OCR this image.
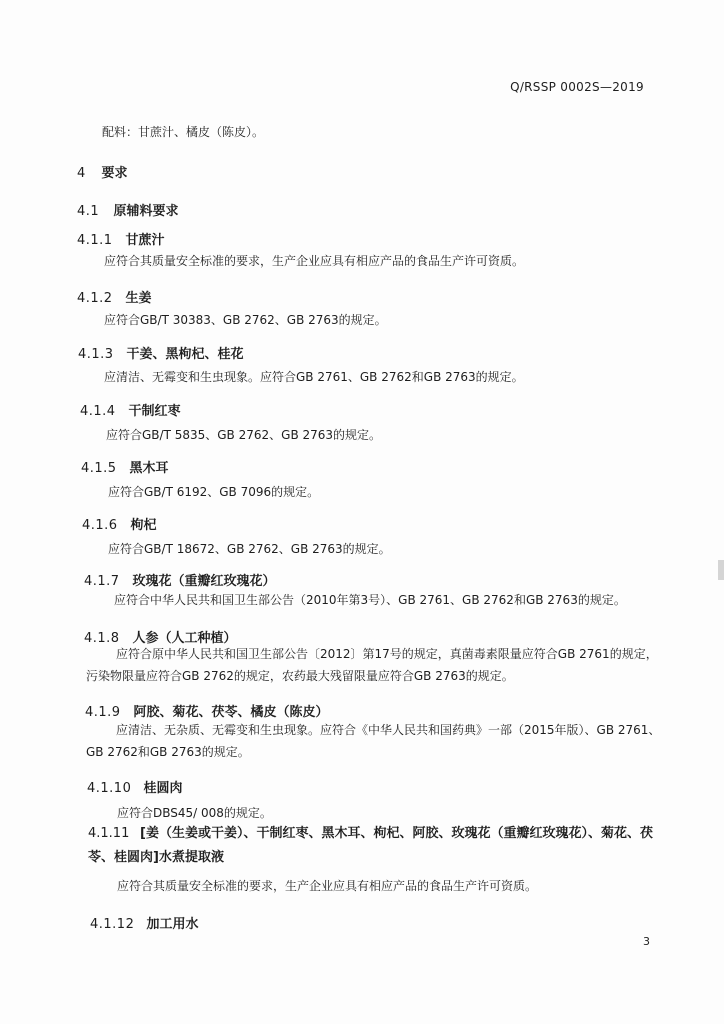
Q/RSSP 0002S—2019
配料：甘蔗汁、橘皮（陈皮）。
4 要求
4.1 原辅料要求
4.1.1 甘蔗汁
应符合其质量安全标准的要求，生产企业应具有相应产品的食品生产许可资质。
4.1.2 生姜
应符合GB/T 30383、GB 2762、GB 2763的规定。
4.1.3 干姜、黑枸杞、桂花
应清洁、无霉变和生虫现象。应符合GB 2761、GB 2762和GB 2763的规定。
4.1.4 干制红枣
应符合GB/T 5835、GB 2762、GB 2763的规定。
4.1.5 黑木耳
应符合GB/T 6192、GB 7096的规定。
4.1.6 枸杞
应符合GB/T 18672、GB 2762、GB 2763的规定。
4.1.7 玫瑰花（重瓣红玫瑰花）
应符合中华人民共和国卫生部公告（2010年第3号）、GB 2761、GB 2762和GB 2763的规定。
4.1.8 人参（人工种植）
应符合原中华人民共和国卫生部公告〔2012〕第17号的规定，真菌毒素限量应符合GB 2761的规定，污染物限量应符合GB 2762的规定，农药最大残留限量应符合GB 2763的规定。
4.1.9 阿胶、菊花、茯苓、橘皮（陈皮）
应清洁、无杂质、无霉变和生虫现象。应符合《中华人民共和国药典》一部（2015年版）、GB 2761、GB 2762和GB 2763的规定。
4.1.10 桂圆肉
应符合DBS45/ 008的规定。
4.1.11 [姜（生姜或干姜）、干制红枣、黑木耳、枸杞、阿胶、玫瑰花（重瓣红玫瑰花）、菊花、茯苓、桂圆肉]水煮提取液
应符合其质量安全标准的要求，生产企业应具有相应产品的食品生产许可资质。
4.1.12 加工用水
3
